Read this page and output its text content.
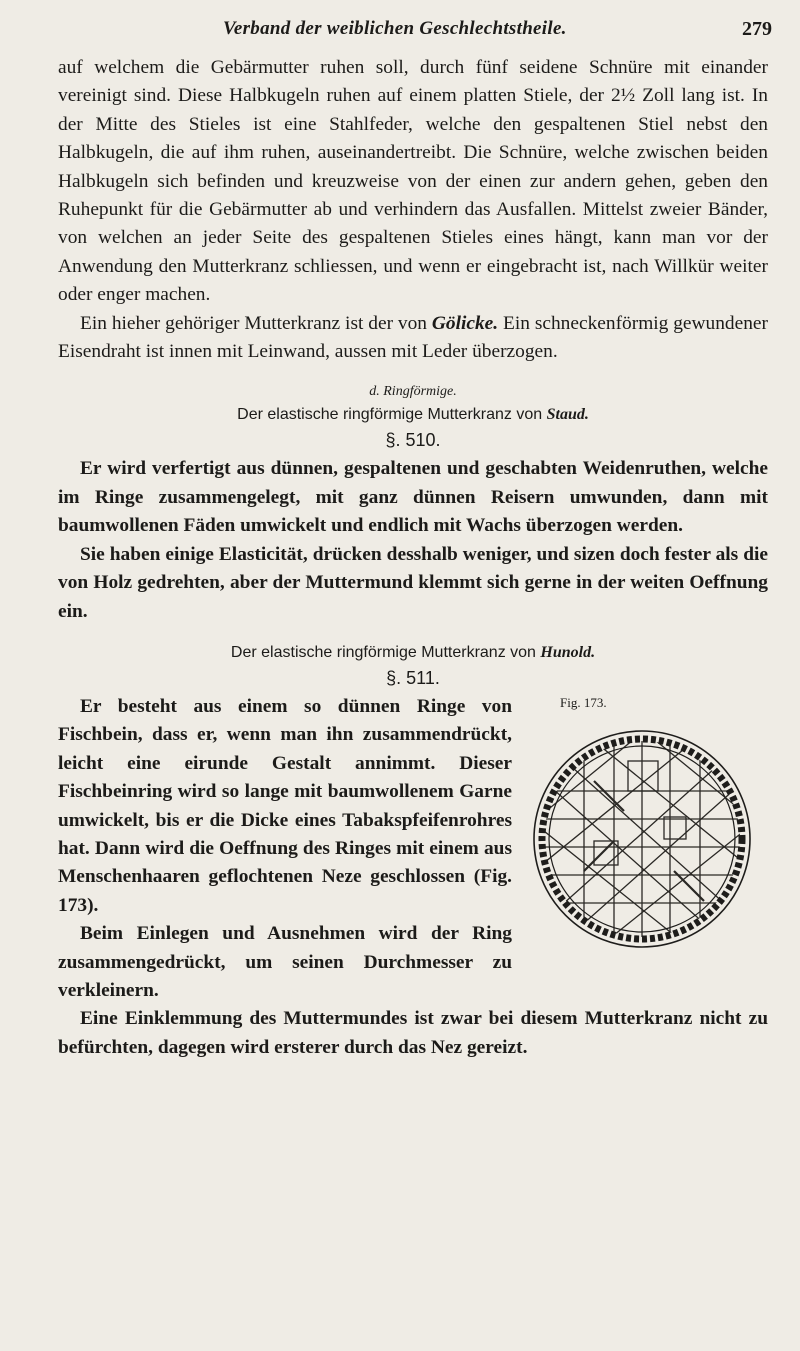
Verband der weiblichen Geschlechtstheile.	279

auf welchem die Gebärmutter ruhen soll, durch fünf seidene Schnüre mit einander vereinigt sind. Diese Halbkugeln ruhen auf einem platten Stiele, der 2½ Zoll lang ist. In der Mitte des Stieles ist eine Stahlfeder, welche den gespaltenen Stiel nebst den Halbkugeln, die auf ihm ruhen, auseinandertreibt. Die Schnüre, welche zwischen beiden Halbkugeln sich befinden und kreuzweise von der einen zur andern gehen, geben den Ruhepunkt für die Gebärmutter ab und verhindern das Ausfallen. Mittelst zweier Bänder, von welchen an jeder Seite des gespaltenen Stieles eines hängt, kann man vor der Anwendung den Mutterkranz schliessen, und wenn er eingebracht ist, nach Willkür weiter oder enger machen.

Ein hieher gehöriger Mutterkranz ist der von Gölicke. Ein schneckenförmig gewundener Eisendraht ist innen mit Leinwand, aussen mit Leder überzogen.

d. Ringförmige.
Der elastische ringförmige Mutterkranz von Staud.
§. 510.

Er wird verfertigt aus dünnen, gespaltenen und geschabten Weidenruthen, welche im Ringe zusammengelegt, mit ganz dünnen Reisern umwunden, dann mit baumwollenen Fäden umwickelt und endlich mit Wachs überzogen werden.

Sie haben einige Elasticität, drücken desshalb weniger, und sizen doch fester als die von Holz gedrehten, aber der Muttermund klemmt sich gerne in der weiten Oeffnung ein.

Der elastische ringförmige Mutterkranz von Hunold.
§. 511.
Fig. 173.

Er besteht aus einem so dünnen Ringe von Fischbein, dass er, wenn man ihn zusammendrückt, leicht eine eirunde Gestalt annimmt. Dieser Fischbeinring wird so lange mit baumwollenem Garne umwickelt, bis er die Dicke eines Tabakspfeifenrohres hat. Dann wird die Oeffnung des Ringes mit einem aus Menschenhaaren geflochtenen Neze geschlossen (Fig. 173).

Beim Einlegen und Ausnehmen wird der Ring zusammengedrückt, um seinen Durchmesser zu verkleinern.

Eine Einklemmung des Muttermundes ist zwar bei diesem Mutterkranz nicht zu befürchten, dagegen wird ersterer durch das Nez gereizt.
